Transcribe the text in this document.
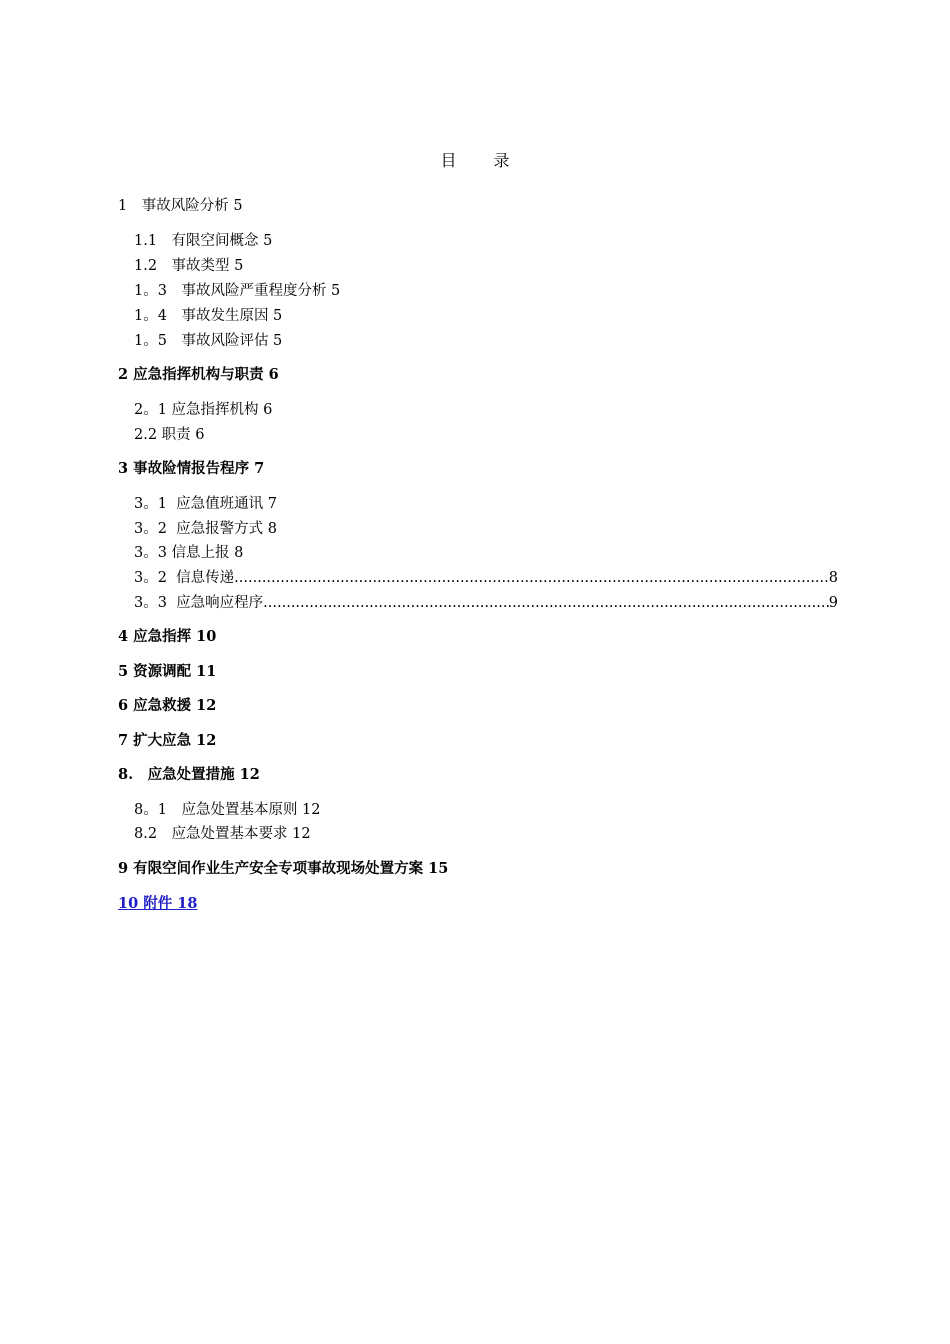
目 录
1　事故风险分析 5
1.1　有限空间概念 5
1.2　事故类型 5
1。3　事故风险严重程度分析 5
1。4　事故发生原因 5
1。5　事故风险评估 5
2 应急指挥机构与职责 6
2。1 应急指挥机构 6
2.2 职责 6
3 事故险情报告程序 7
3。1  应急值班通讯 7
3。2  应急报警方式 8
3。3 信息上报 8
3。2  信息传递 .....	8
3。3  应急响应程序 .....	9
4 应急指挥 10
5 资源调配 11
6 应急救援 12
7 扩大应急 12
8.　应急处置措施 12
8。1　应急处置基本原则 12
8.2　应急处置基本要求 12
9 有限空间作业生产安全专项事故现场处置方案 15
10 附件 18
